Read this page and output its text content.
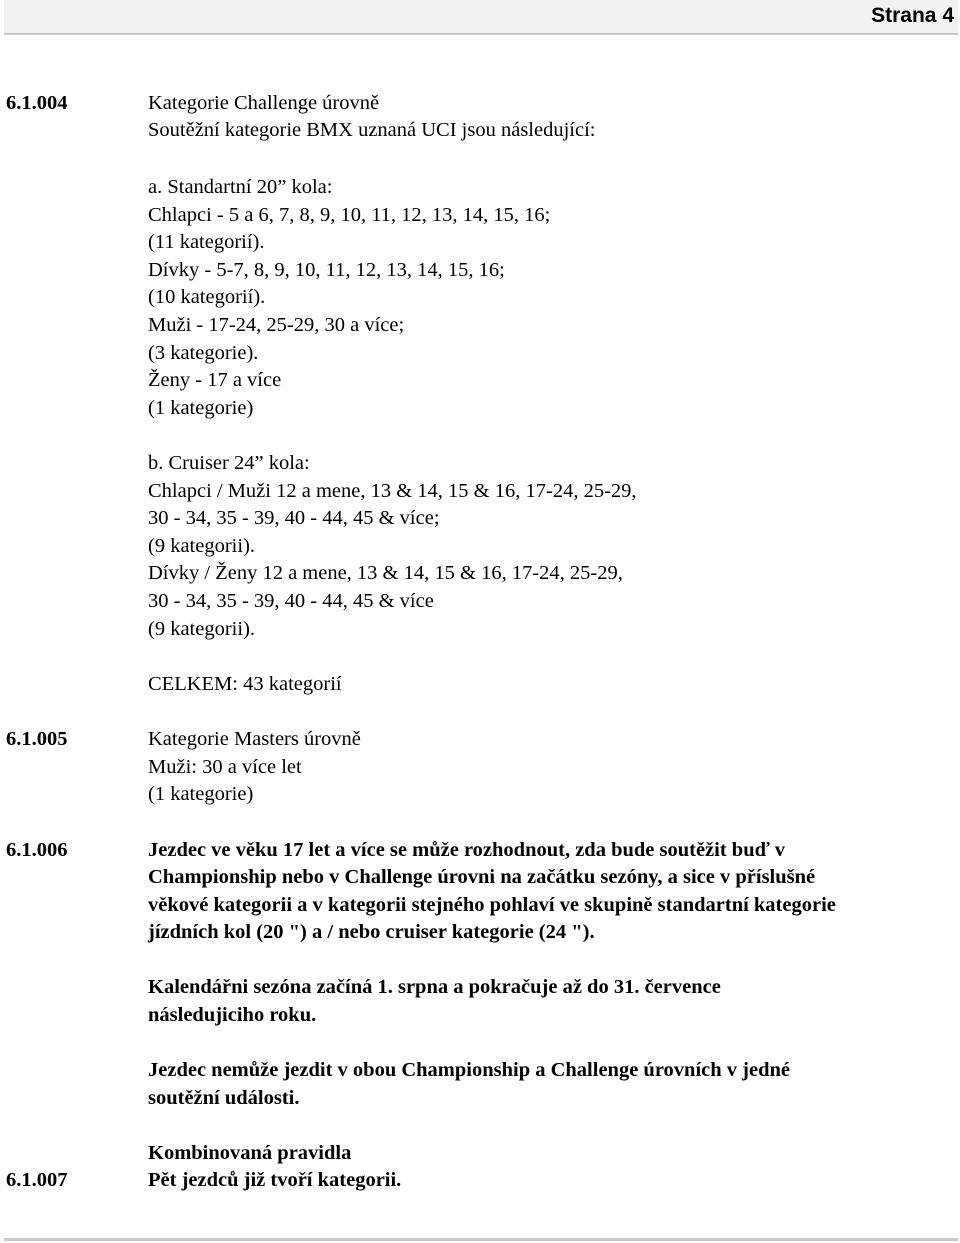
Strana 4
6.1.004	Kategorie Challenge úrovně
Soutěžní kategorie BMX uznaná UCI jsou následující:
a. Standartní 20” kola:
Chlapci - 5 a 6, 7, 8, 9, 10, 11, 12, 13, 14, 15, 16;
(11 kategorií).
Dívky - 5-7, 8, 9, 10, 11, 12, 13, 14, 15, 16;
(10 kategorií).
Muži - 17-24, 25-29, 30 a více;
(3 kategorie).
Ženy - 17 a více
(1 kategorie)
b. Cruiser 24” kola:
Chlapci / Muži 12 a mene, 13 & 14, 15 & 16, 17-24, 25-29,
30 - 34, 35 - 39, 40 - 44, 45 & více;
(9 kategorii).
Dívky / Ženy 12 a mene, 13 & 14, 15 & 16, 17-24, 25-29,
30 - 34, 35 - 39, 40 - 44, 45 & více
(9 kategorii).
CELKEM: 43 kategorií
6.1.005	Kategorie Masters úrovně
Muži: 30 a více let
(1 kategorie)
6.1.006	Jezdec ve věku 17 let a více se může rozhodnout, zda bude soutěžit buď v
Championship nebo v Challenge úrovni na začátku sezóny, a sice v příslušné
věkové kategorii a v kategorii stejného pohlaví ve skupině standartní kategorie
jízdních kol (20 ") a / nebo cruiser kategorie (24 ").
Kalendářni sezóna začíná 1. srpna a pokračuje až do 31. července
následujiciho roku.
Jezdec nemůže jezdit v obou Championship a Challenge úrovních v jedné
soutěžní události.
Kombinovaná pravidla
6.1.007	Pět jezdců již tvoří kategorii.
